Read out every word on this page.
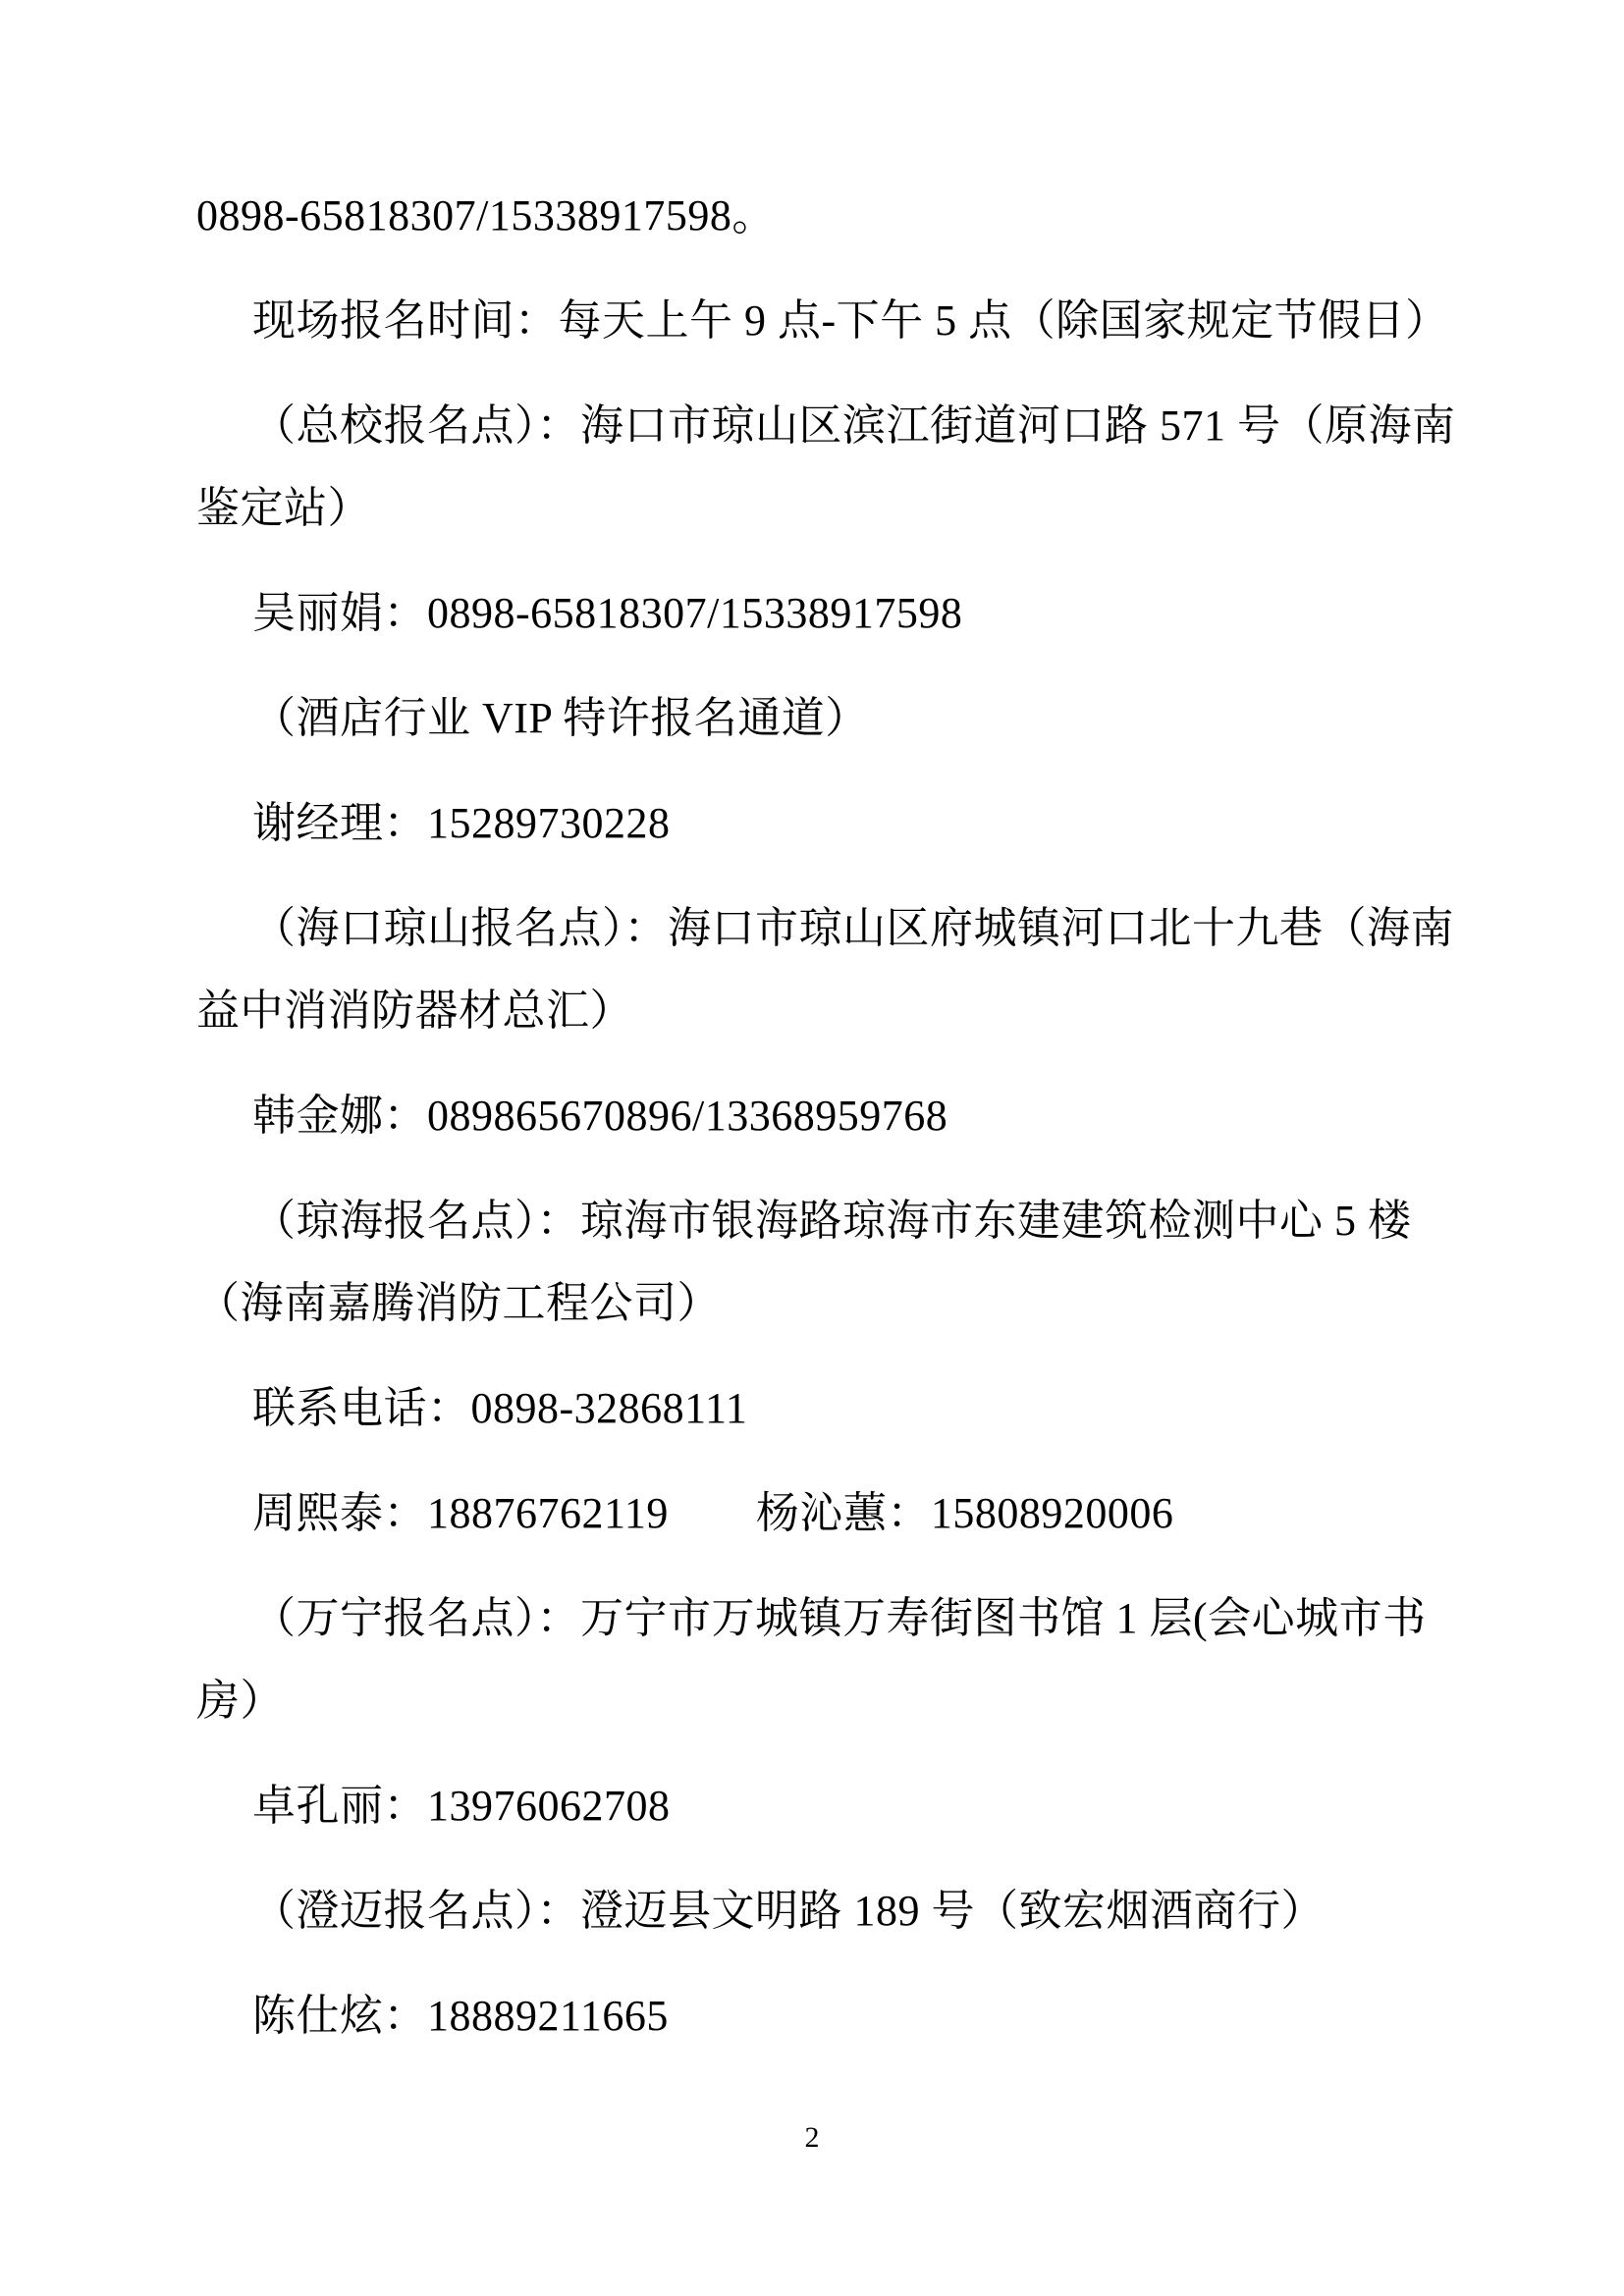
0898-65818307/15338917598。
现场报名时间：每天上午 9 点-下午 5 点（除国家规定节假日）
（总校报名点）：海口市琼山区滨江街道河口路 571 号（原海南
鉴定站）
吴丽娟：0898-65818307/15338917598
（酒店行业 VIP 特许报名通道）
谢经理：15289730228
（海口琼山报名点）：海口市琼山区府城镇河口北十九巷（海南
益中消消防器材总汇）
韩金娜：089865670896/13368959768
（琼海报名点）：琼海市银海路琼海市东建建筑检测中心 5 楼
（海南嘉腾消防工程公司）
联系电话：0898-32868111
周熙泰：18876762119　　杨沁蕙：15808920006
（万宁报名点）：万宁市万城镇万寿街图书馆 1 层(会心城市书
房）
卓孔丽：13976062708
（澄迈报名点）：澄迈县文明路 189 号（致宏烟酒商行）
陈仕炫：18889211665
2
